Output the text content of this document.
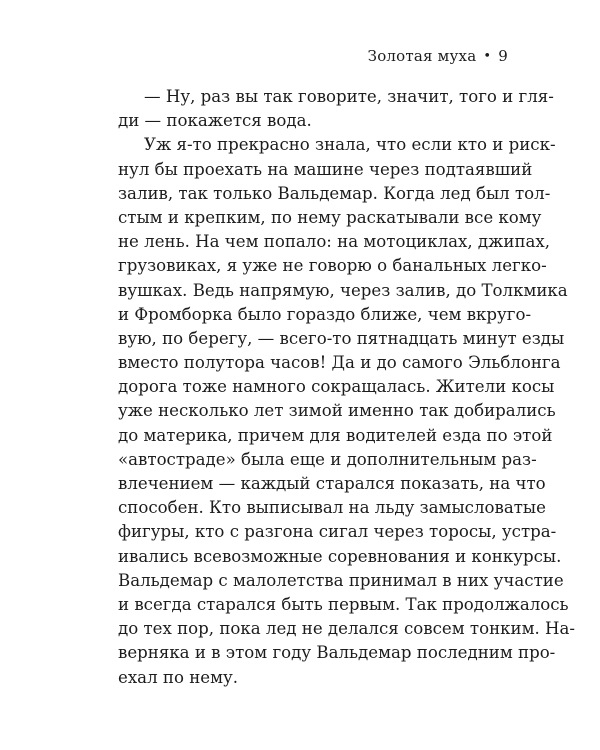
Золотая муха • 9
— Ну, раз вы так говорите, значит, того и гля-
ди — покажется вода.
Уж я-то прекрасно знала, что если кто и риск-
нул бы проехать на машине через подтаявший
залив, так только Вальдемар. Когда лед был тол-
стым и крепким, по нему раскатывали все кому
не лень. На чем попало: на мотоциклах, джипах,
грузовиках, я уже не говорю о банальных легко-
вушках. Ведь напрямую, через залив, до Толкмика
и Фромборка было гораздо ближе, чем вкругo-
вую, по берегу, — всего-то пятнадцать минут езды
вместо полутора часов! Да и до самого Эльблонга
дорога тоже намного сокращалась. Жители косы
уже несколько лет зимой именно так добирались
до материка, причем для водителей езда по этой
«автостраде» была еще и дополнительным раз-
влечением — каждый старался показать, на что
способен. Кто выписывал на льду замысловатые
фигуры, кто с разгона сигал через торосы, устра-
ивались всевозможные соревнования и конкурсы.
Вальдемар с малолетства принимал в них участие
и всегда старался быть первым. Так продолжалось
до тех пор, пока лед не делался совсем тонким. На-
верняка и в этом году Вальдемар последним про-
ехал по нему.
